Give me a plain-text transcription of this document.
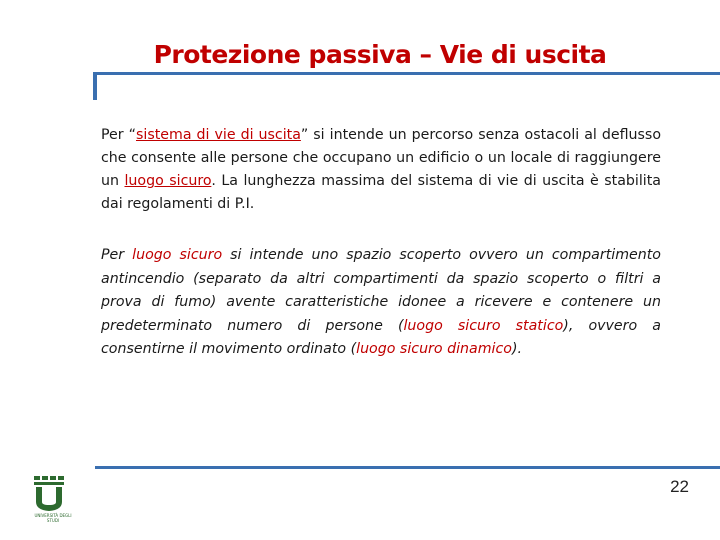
Protezione passiva – Vie di uscita
Per “sistema di vie di uscita” si intende un percorso senza ostacoli al deflusso che consente alle persone che occupano un edificio o un locale di raggiungere un luogo sicuro. La lunghezza massima del sistema di vie di uscita è stabilita dai regolamenti di P.I.
Per luogo sicuro si intende uno spazio scoperto ovvero un compartimento antincendio (separato da altri compartimenti da spazio scoperto o filtri a prova di fumo) avente caratteristiche idonee a ricevere e contenere un predeterminato numero di persone (luogo sicuro statico), ovvero a consentirne il movimento ordinato (luogo sicuro dinamico).
UNIVERSITÀ DEGLI STUDI
22
